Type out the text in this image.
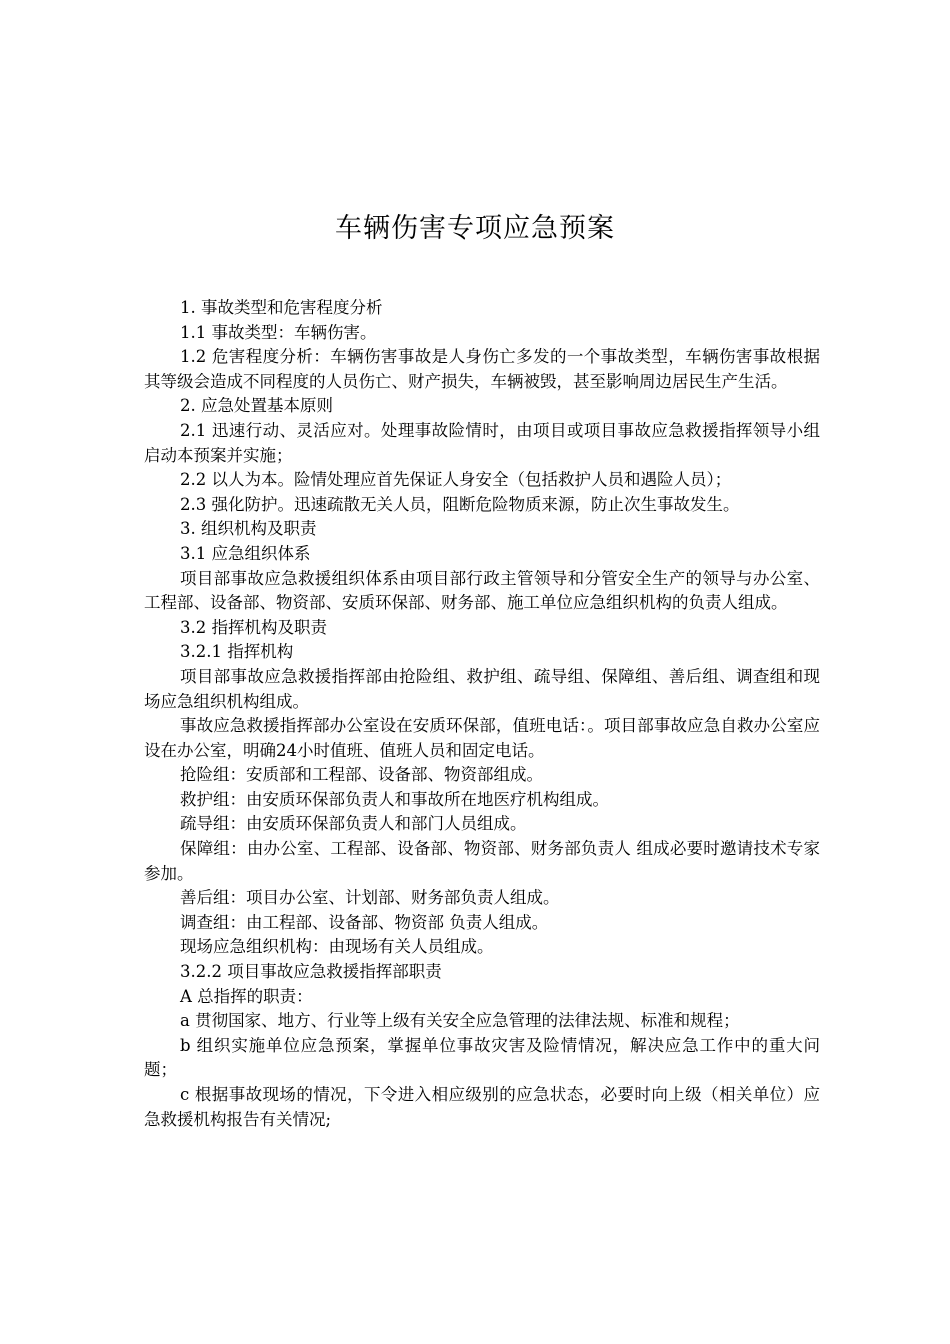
车辆伤害专项应急预案

1. 事故类型和危害程度分析

1.1 事故类型：车辆伤害。

1.2 危害程度分析：车辆伤害事故是人身伤亡多发的一个事故类型，车辆伤害事故根据其等级会造成不同程度的人员伤亡、财产损失，车辆被毁，甚至影响周边居民生产生活。

2. 应急处置基本原则

2.1 迅速行动、灵活应对。处理事故险情时，由项目或项目事故应急救援指挥领导小组启动本预案并实施；

2.2 以人为本。险情处理应首先保证人身安全（包括救护人员和遇险人员）；

2.3 强化防护。迅速疏散无关人员，阻断危险物质来源，防止次生事故发生。

3. 组织机构及职责

3.1 应急组织体系

项目部事故应急救援组织体系由项目部行政主管领导和分管安全生产的领导与办公室、工程部、设备部、物资部、安质环保部、财务部、施工单位应急组织机构的负责人组成。

3.2 指挥机构及职责

3.2.1 指挥机构

项目部事故应急救援指挥部由抢险组、救护组、疏导组、保障组、善后组、调查组和现场应急组织机构组成。

事故应急救援指挥部办公室设在安质环保部，值班电话：。项目部事故应急自救办公室应设在办公室，明确24小时值班、值班人员和固定电话。

抢险组：安质部和工程部、设备部、物资部组成。

救护组：由安质环保部负责人和事故所在地医疗机构组成。

疏导组：由安质环保部负责人和部门人员组成。

保障组：由办公室、工程部、设备部、物资部、财务部负责人 组成必要时邀请技术专家参加。

善后组：项目办公室、计划部、财务部负责人组成。

调查组：由工程部、设备部、物资部 负责人组成。

现场应急组织机构：由现场有关人员组成。

3.2.2 项目事故应急救援指挥部职责

A 总指挥的职责：

a 贯彻国家、地方、行业等上级有关安全应急管理的法律法规、标准和规程；

b 组织实施单位应急预案，掌握单位事故灾害及险情情况，解决应急工作中的重大问题；

c 根据事故现场的情况，下令进入相应级别的应急状态，必要时向上级（相关单位）应急救援机构报告有关情况;
